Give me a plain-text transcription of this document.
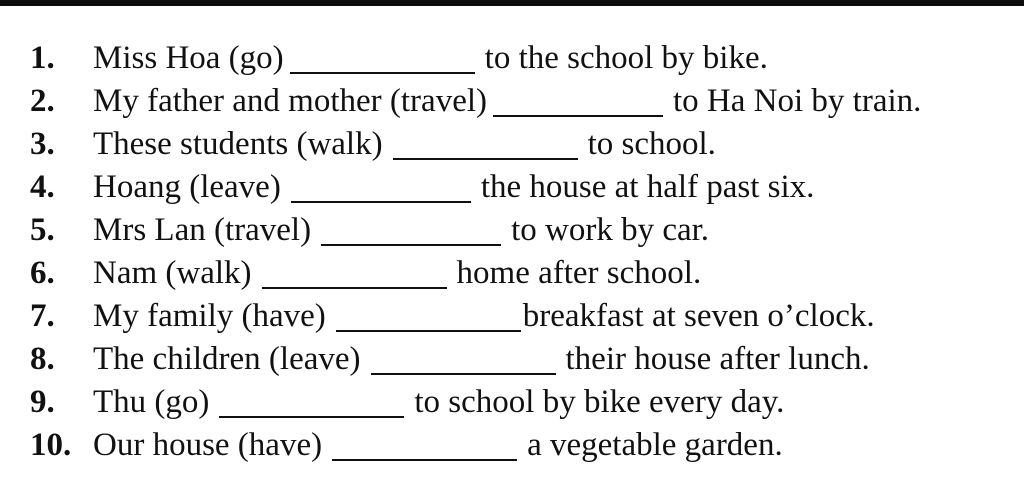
1.	Miss Hoa (go)	to the school by bike.
2.	My father and mother (travel)	to Ha Noi by train.
3.	These students (walk)	to school.
4.	Hoang (leave)	the house at half past six.
5.	Mrs Lan (travel)	to work by car.
6.	Nam (walk)	home after school.
7.	My family (have)	breakfast at seven o’clock.
8.	The children (leave)	their house after lunch.
9.	Thu (go)	to school by bike every day.
10. Our house (have)	a vegetable garden.
